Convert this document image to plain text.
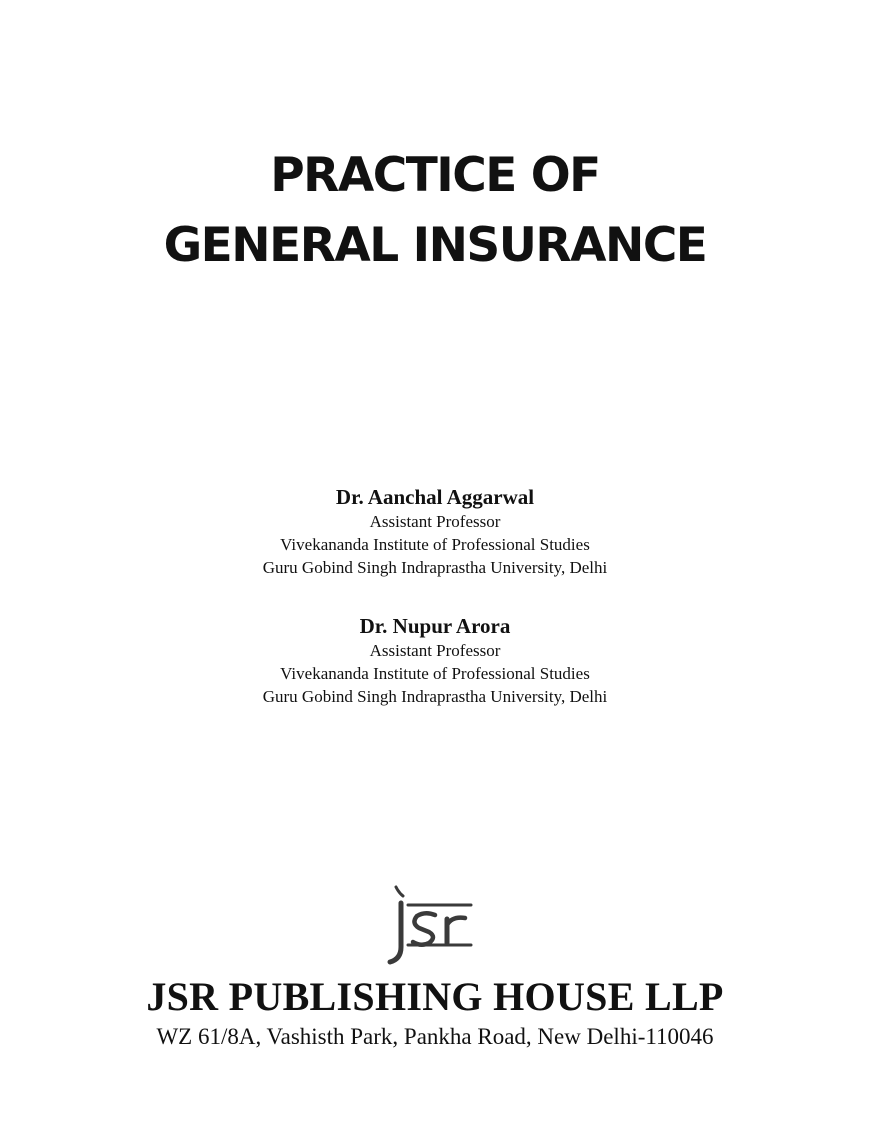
PRACTICE OF
GENERAL INSURANCE
Dr. Aanchal Aggarwal
Assistant Professor
Vivekananda Institute of Professional Studies
Guru Gobind Singh Indraprastha University, Delhi
Dr. Nupur Arora
Assistant Professor
Vivekananda Institute of Professional Studies
Guru Gobind Singh Indraprastha University, Delhi
JSR PUBLISHING HOUSE LLP
WZ 61/8A, Vashisth Park, Pankha Road, New Delhi-110046
